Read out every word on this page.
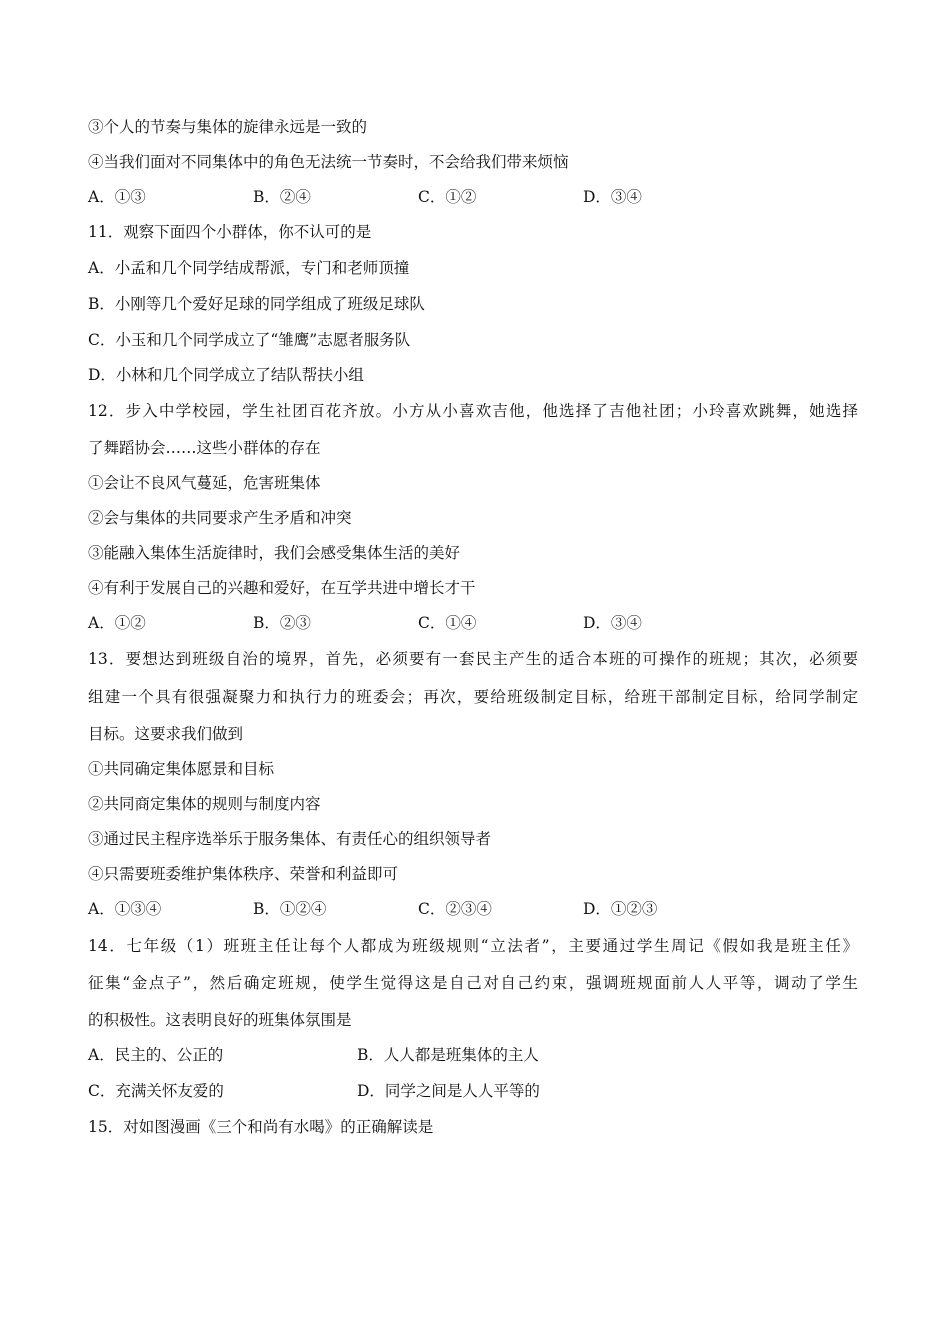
③个人的节奏与集体的旋律永远是一致的
④当我们面对不同集体中的角色无法统一节奏时，不会给我们带来烦恼
A．①③	B．②④	C．①②	D．③④
11．观察下面四个小群体，你不认可的是
A．小孟和几个同学结成帮派，专门和老师顶撞
B．小刚等几个爱好足球的同学组成了班级足球队
C．小玉和几个同学成立了“雏鹰”志愿者服务队
D．小林和几个同学成立了结队帮扶小组
12．步入中学校园，学生社团百花齐放。小方从小喜欢吉他，他选择了吉他社团；小玲喜欢跳舞，她选择
了舞蹈协会……这些小群体的存在
①会让不良风气蔓延，危害班集体
②会与集体的共同要求产生矛盾和冲突
③能融入集体生活旋律时，我们会感受集体生活的美好
④有利于发展自己的兴趣和爱好，在互学共进中增长才干
A．①②	B．②③	C．①④	D．③④
13．要想达到班级自治的境界，首先，必须要有一套民主产生的适合本班的可操作的班规；其次，必须要
组建一个具有很强凝聚力和执行力的班委会；再次，要给班级制定目标，给班干部制定目标，给同学制定
目标。这要求我们做到
①共同确定集体愿景和目标
②共同商定集体的规则与制度内容
③通过民主程序选举乐于服务集体、有责任心的组织领导者
④只需要班委维护集体秩序、荣誉和利益即可
A．①③④	B．①②④	C．②③④	D．①②③
14．七年级（1）班班主任让每个人都成为班级规则“立法者”，主要通过学生周记《假如我是班主任》
征集“金点子”，然后确定班规，使学生觉得这是自己对自己约束，强调班规面前人人平等，调动了学生
的积极性。这表明良好的班集体氛围是
A．民主的、公正的	B．人人都是班集体的主人
C．充满关怀友爱的	D．同学之间是人人平等的
15．对如图漫画《三个和尚有水喝》的正确解读是
